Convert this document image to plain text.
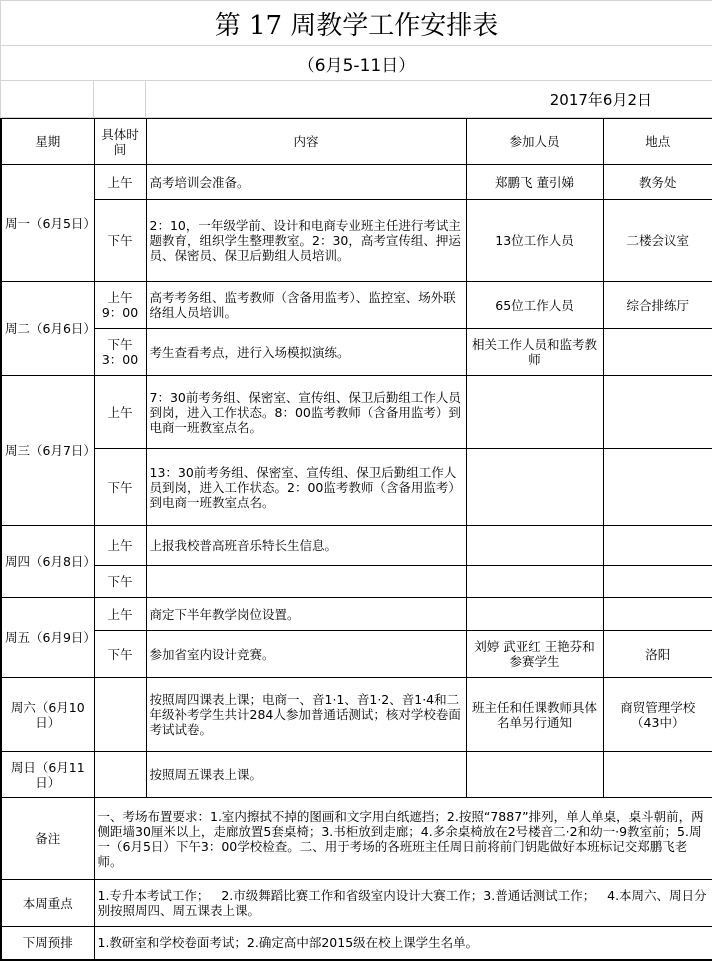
第 17 周教学工作安排表
（6月5-11日）
		2017年6月2日
星期	具体时间	内容	参加人员	地点
周一（6月5日）	上午	高考培训会准备。	郑鹏飞 董引娣	教务处
	下午	2：10，一年级学前、设计和电商专业班主任进行考试主题教育，组织学生整理教室。2：30，高考宣传组、押运员、保密员、保卫后勤组人员培训。	13位工作人员	二楼会议室
周二（6月6日）	上午 9：00	高考考务组、监考教师（含备用监考）、监控室、场外联络组人员培训。	65位工作人员	综合排练厅
	下午 3：00	考生查看考点，进行入场模拟演练。	相关工作人员和监考教师	
周三（6月7日）	上午	7：30前考务组、保密室、宣传组、保卫后勤组工作人员到岗，进入工作状态。8：00监考教师（含备用监考）到电商一班教室点名。		
	下午	13：30前考务组、保密室、宣传组、保卫后勤组工作人员到岗，进入工作状态。2：00监考教师（含备用监考）到电商一班教室点名。		
周四（6月8日）	上午	上报我校普高班音乐特长生信息。		
	下午			
周五（6月9日）	上午	商定下半年教学岗位设置。		
	下午	参加省室内设计竞赛。	刘婷 武亚红 王艳芬和参赛学生	洛阳
周六（6月10日）		按照周四课表上课；电商一、音1·1、音1·2、音1·4和二年级补考学生共计284人参加普通话测试；核对学校卷面考试试卷。	班主任和任课教师具体名单另行通知	商贸管理学校（43中）
周日（6月11日）		按照周五课表上课。		
备注	一、考场布置要求：1.室内擦拭不掉的图画和文字用白纸遮挡；2.按照“7887”排列，单人单桌，桌斗朝前，两侧距墙30厘米以上，走廊放置5套桌椅；3.书柜放到走廊；4.多余桌椅放在2号楼音二·2和幼一·9教室前；5.周一（6月5日）下午3：00学校检查。二、用于考场的各班班主任周日前将前门钥匙做好本班标记交郑鹏飞老师。			
本周重点	1.专升本考试工作；   2.市级舞蹈比赛工作和省级室内设计大赛工作；3.普通话测试工作；   4.本周六、周日分别按照周四、周五课表上课。			
下周预排	1.教研室和学校卷面考试；2.确定高中部2015级在校上课学生名单。			
